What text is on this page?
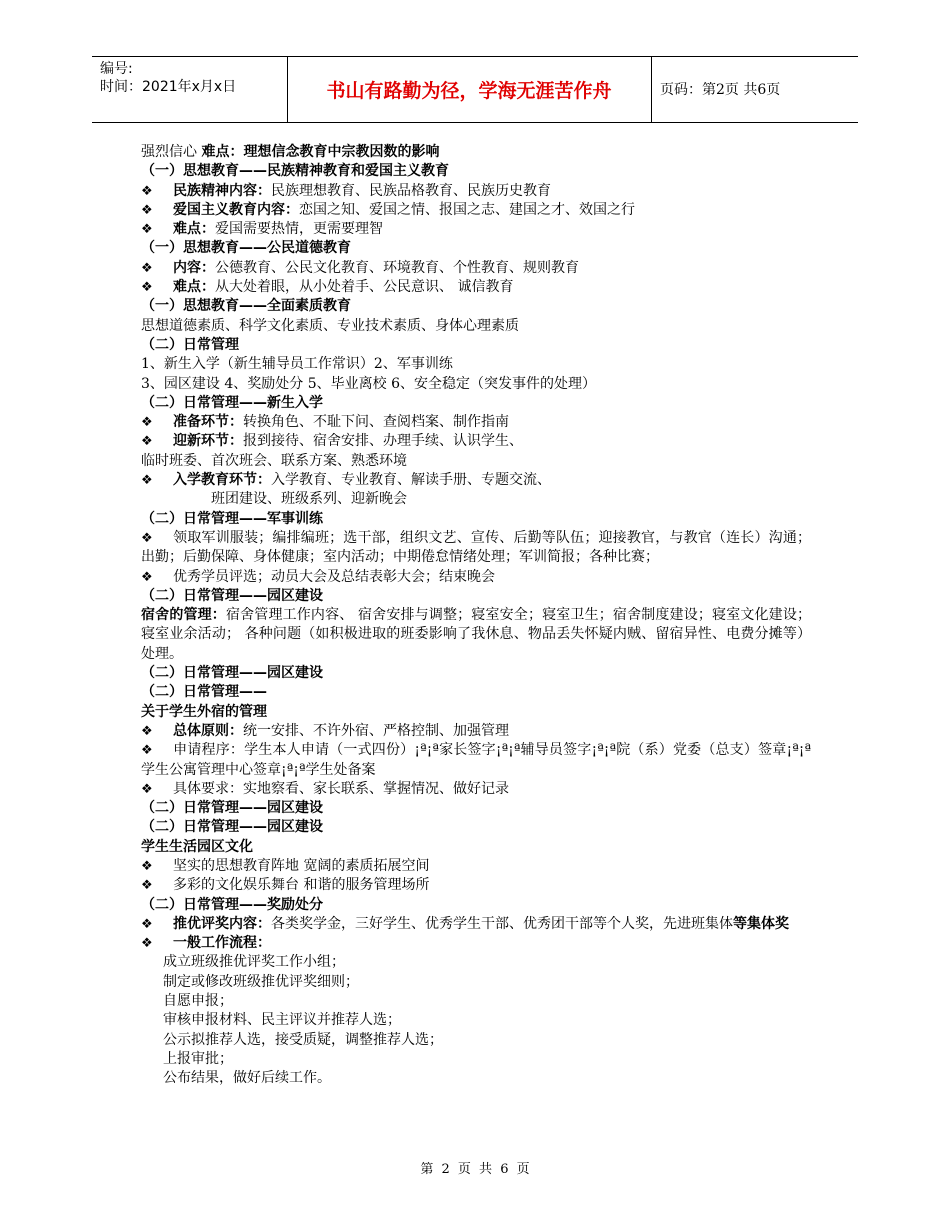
编号:
时间：2021年x月x日	书山有路勤为径，学海无涯苦作舟	页码：第2页 共6页
强烈信心 难点：理想信念教育中宗教因数的影响
（一）思想教育——民族精神教育和爱国主义教育
❖ 民族精神内容：民族理想教育、民族品格教育、民族历史教育
❖ 爱国主义教育内容：恋国之知、爱国之情、报国之志、建国之才、效国之行
❖ 难点：爱国需要热情，更需要理智
（一）思想教育——公民道德教育
❖ 内容：公德教育、公民文化教育、环境教育、个性教育、规则教育
❖ 难点：从大处着眼，从小处着手、公民意识、 诚信教育
（一）思想教育——全面素质教育
思想道德素质、科学文化素质、专业技术素质、身体心理素质
（二）日常管理
1、新生入学（新生辅导员工作常识）2、军事训练
3、园区建设 4、奖励处分 5、毕业离校 6、安全稳定（突发事件的处理）
（二）日常管理——新生入学
❖ 准备环节：转换角色、不耻下问、查阅档案、制作指南
❖ 迎新环节：报到接待、宿舍安排、办理手续、认识学生、
临时班委、首次班会、联系方案、熟悉环境
❖ 入学教育环节：入学教育、专业教育、解读手册、专题交流、
班团建设、班级系列、迎新晚会
（二）日常管理——军事训练
❖ 领取军训服装；编排编班；选干部，组织文艺、宣传、后勤等队伍；迎接教官，与教官（连长）沟通；出勤；后勤保障、身体健康；室内活动；中期倦怠情绪处理；军训简报；各种比赛；
❖ 优秀学员评选；动员大会及总结表彰大会；结束晚会
（二）日常管理——园区建设
宿舍的管理：宿舍管理工作内容、 宿舍安排与调整；寝室安全；寝室卫生；宿舍制度建设；寝室文化建设； 寝室业余活动； 各种问题（如积极进取的班委影响了我休息、物品丢失怀疑内贼、留宿异性、电费分摊等）处理。
（二）日常管理——园区建设
（二）日常管理——
关于学生外宿的管理
❖ 总体原则：统一安排、不许外宿、严格控制、加强管理
❖ 申请程序：学生本人申请（一式四份）¡ª¡ª家长签字¡ª¡ª辅导员签字¡ª¡ª院（系）党委（总支）签章¡ª¡ª学生公寓管理中心签章¡ª¡ª学生处备案
❖ 具体要求：实地察看、家长联系、掌握情况、做好记录
（二）日常管理——园区建设
（二）日常管理——园区建设
学生生活园区文化
❖ 坚实的思想教育阵地 宽阔的素质拓展空间
❖ 多彩的文化娱乐舞台 和谐的服务管理场所
（二）日常管理——奖励处分
❖ 推优评奖内容：各类奖学金，三好学生、优秀学生干部、优秀团干部等个人奖，先进班集体等集体奖
❖ 一般工作流程：
成立班级推优评奖工作小组；
制定或修改班级推优评奖细则；
自愿申报；
审核申报材料、民主评议并推荐人选；
公示拟推荐人选，接受质疑，调整推荐人选；
上报审批；
公布结果，做好后续工作。
第 2 页 共 6 页
